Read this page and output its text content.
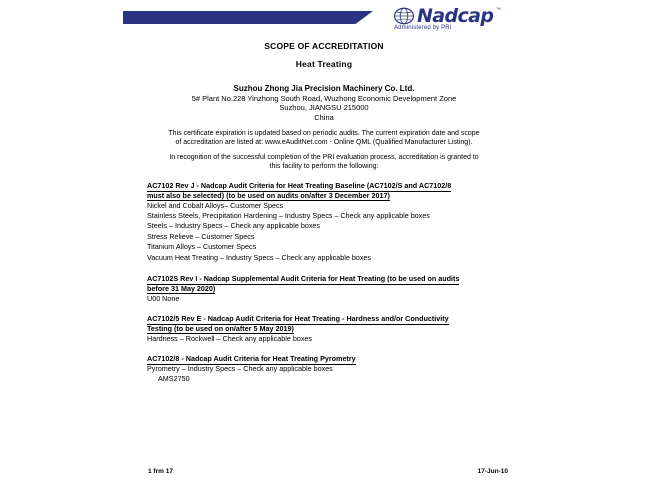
Nadcap ™
Administered by PRI
SCOPE OF ACCREDITATION
Heat Treating
Suzhou Zhong Jia Precision Machinery Co. Ltd.
5# Plant No.228 Yinzhong South Road, Wuzhong Economic Development Zone
Suzhou, JIANGSU 215000
China
This certificate expiration is updated based on periodic audits. The current expiration date and scope
of accreditation are listed at: www.eAuditNet.com - Online QML (Qualified Manufacturer Listing).
In recognition of the successful completion of the PRI evaluation process, accreditation is granted to
this facility to perform the following:
AC7102 Rev J - Nadcap Audit Criteria for Heat Treating Baseline (AC7102/S and AC7102/8
must also be selected) (to be used on audits on/after 3 December 2017)
Nickel and Cobalt Alloys– Customer Specs
Stainless Steels, Precipitation Hardening – Industry Specs – Check any applicable boxes
Steels – Industry Specs – Check any applicable boxes
Stress Relieve – Customer Specs
Titanium Alloys – Customer Specs
Vacuum Heat Treating – Industry Specs – Check any applicable boxes
AC7102S Rev I - Nadcap Supplemental Audit Criteria for Heat Treating (to be used on audits
before 31 May 2020)
U00 None
AC7102/5 Rev E - Nadcap Audit Criteria for Heat Treating - Hardness and/or Conductivity
Testing (to be used on on/after 5 May 2019)
Hardness – Rockwell – Check any applicable boxes
AC7102/8 - Nadcap Audit Criteria for Heat Treating Pyrometry
Pyrometry – Industry Specs – Check any applicable boxes
AMS2750
1 frm 17	17-Jun-10
